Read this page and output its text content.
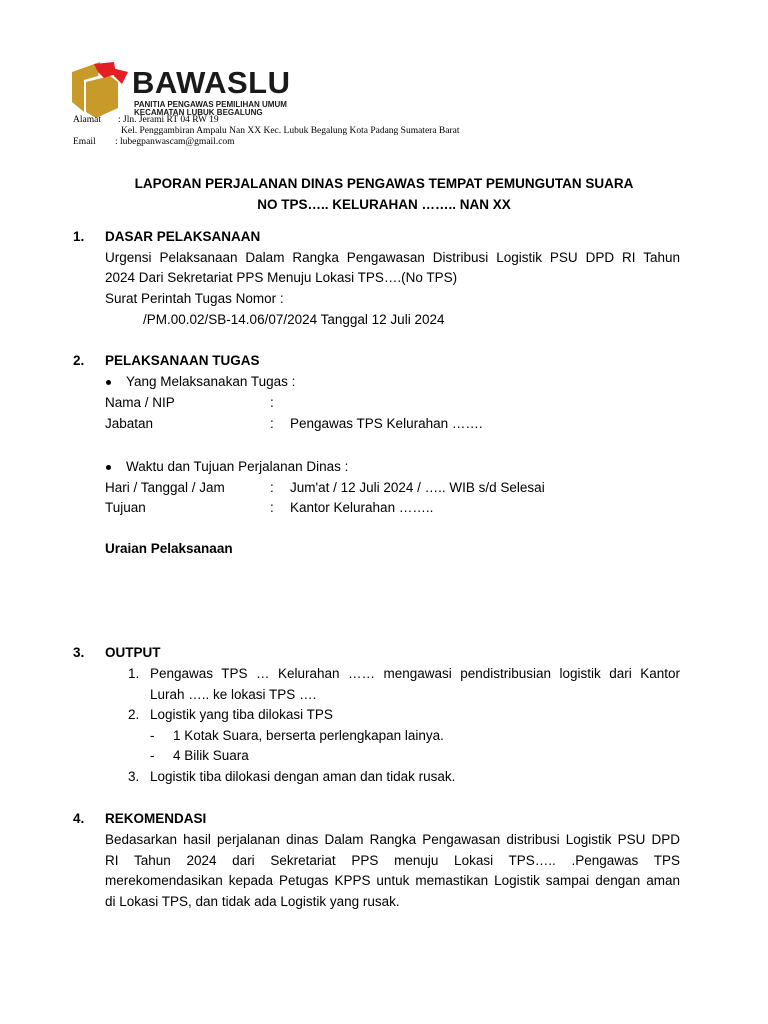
BAWASLU
PANITIA PENGAWAS PEMILIHAN UMUM
KECAMATAN LUBUK BEGALUNG
Alamat : Jln. Jerami RT 04 RW 19
Kel. Penggambiran Ampalu Nan XX Kec. Lubuk Begalung Kota Padang Sumatera Barat
Email : lubegpanwascam@gmail.com
LAPORAN PERJALANAN DINAS PENGAWAS TEMPAT PEMUNGUTAN SUARA
NO TPS….. KELURAHAN …….. NAN XX
1. DASAR PELAKSANAAN
Urgensi Pelaksanaan Dalam Rangka Pengawasan Distribusi Logistik PSU DPD RI Tahun
2024 Dari Sekretariat PPS Menuju Lokasi TPS….(No TPS)
Surat Perintah Tugas Nomor :
/PM.00.02/SB-14.06/07/2024 Tanggal 12 Juli 2024
2. PELAKSANAAN TUGAS
Yang Melaksanakan Tugas :
Nama / NIP	:
Jabatan	: Pengawas TPS Kelurahan …….
Waktu dan Tujuan Perjalanan Dinas :
Hari / Tanggal / Jam	: Jum'at / 12 Juli 2024 / ….. WIB s/d Selesai
Tujuan	: Kantor Kelurahan ……..
Uraian Pelaksanaan
3. OUTPUT
1. Pengawas TPS … Kelurahan …… mengawasi pendistribusian logistik dari Kantor
Lurah ….. ke lokasi TPS ….
2. Logistik yang tiba dilokasi TPS
- 1 Kotak Suara, berserta perlengkapan lainya.
- 4 Bilik Suara
3. Logistik tiba dilokasi dengan aman dan tidak rusak.
4. REKOMENDASI
Bedasarkan hasil perjalanan dinas Dalam Rangka Pengawasan distribusi Logistik PSU DPD
RI Tahun 2024 dari Sekretariat PPS menuju Lokasi TPS….. .Pengawas TPS
merekomendasikan kepada Petugas KPPS untuk memastikan Logistik sampai dengan aman
di Lokasi TPS, dan tidak ada Logistik yang rusak.
